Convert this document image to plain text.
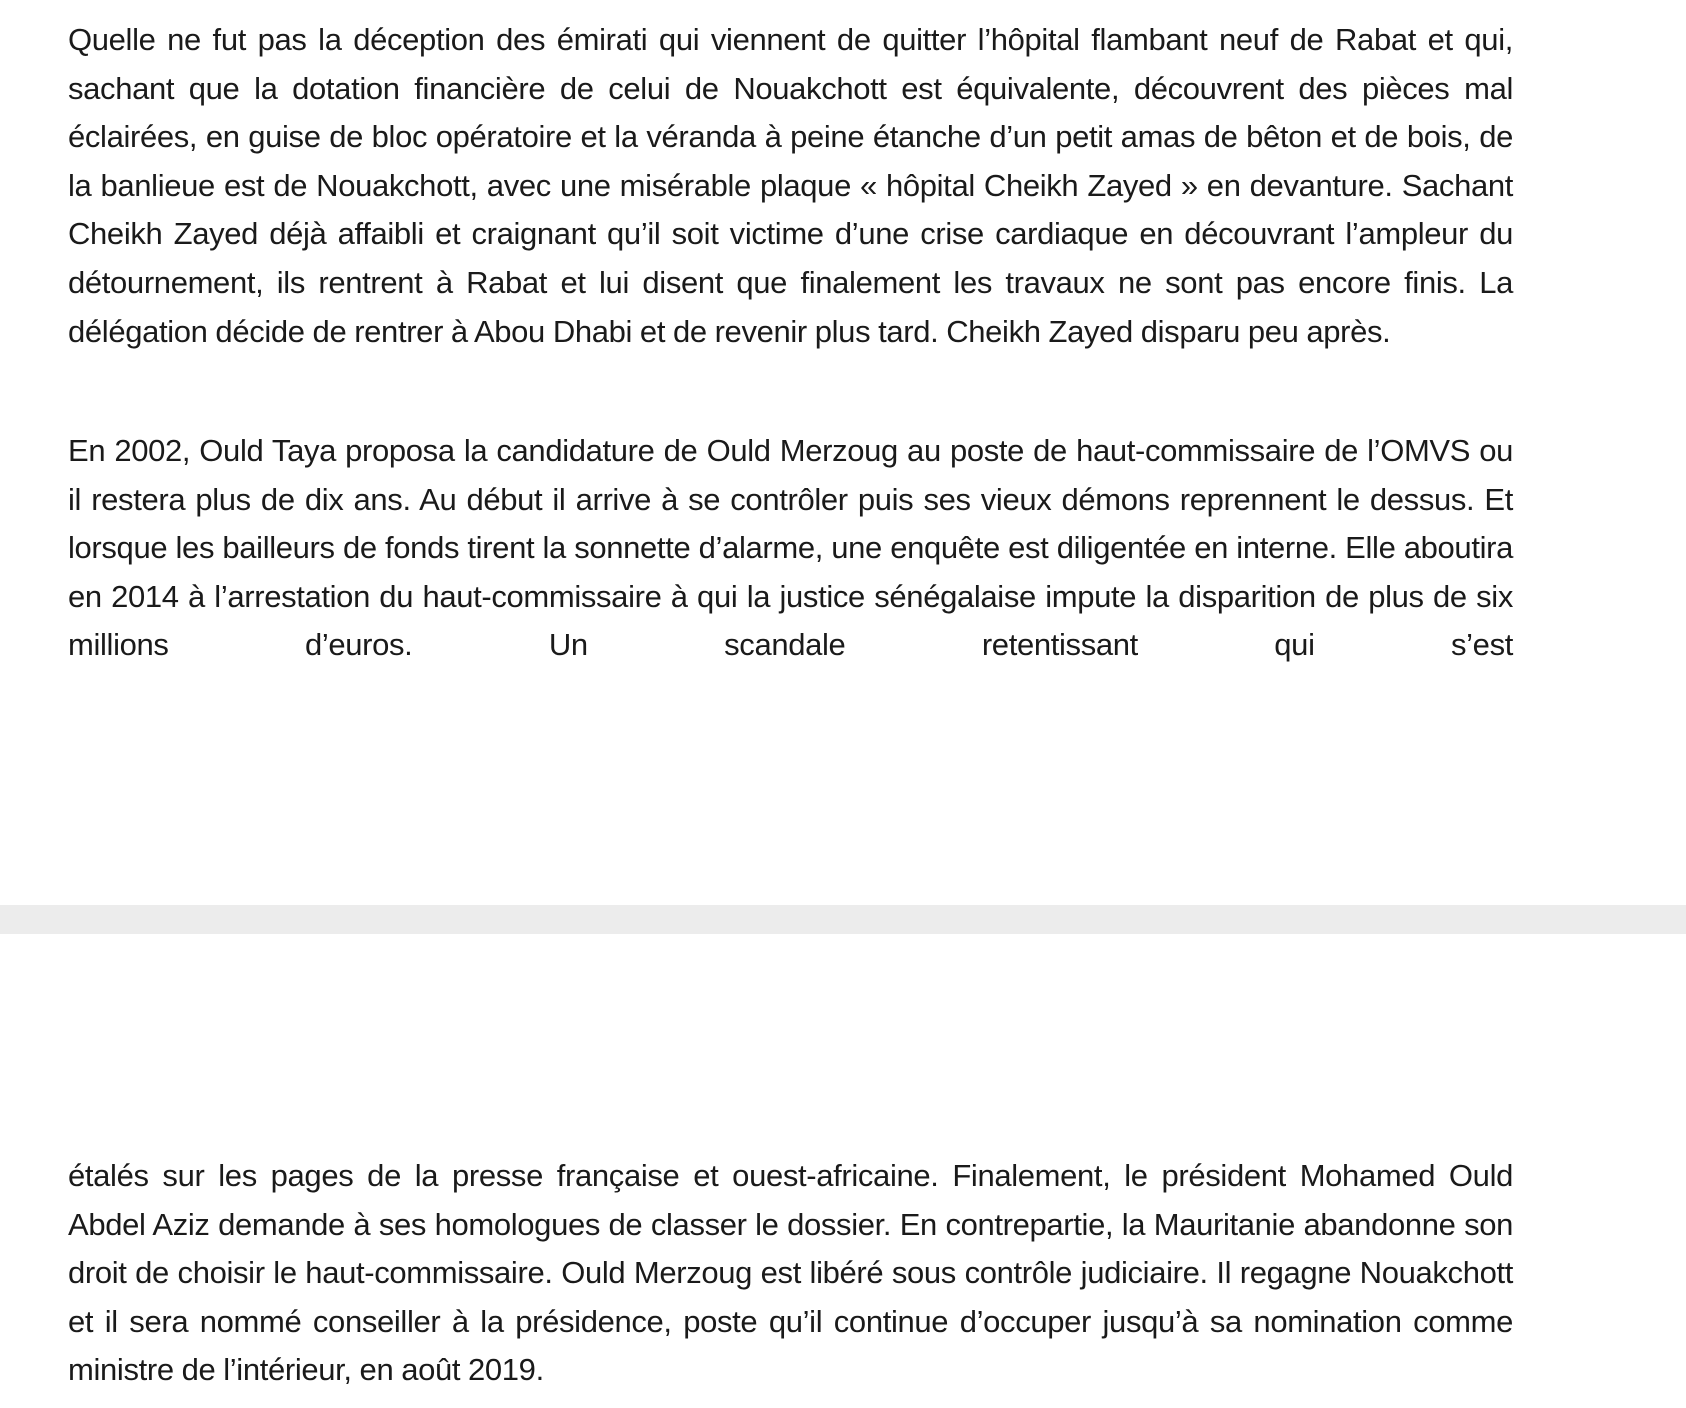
Quelle ne fut pas la déception des émirati qui viennent de quitter l’hôpital flambant neuf de Rabat et qui, sachant que la dotation financière de celui de Nouakchott est équivalente, découvrent des pièces mal éclairées, en guise de bloc opératoire et la véranda à peine étanche d’un petit amas de bêton et de bois, de la banlieue est de Nouakchott, avec une misérable plaque « hôpital Cheikh Zayed » en devanture. Sachant Cheikh Zayed déjà affaibli et craignant qu’il soit victime d’une crise cardiaque en découvrant l’ampleur du détournement, ils rentrent à Rabat et lui disent que finalement les travaux ne sont pas encore finis. La délégation décide de rentrer à Abou Dhabi et de revenir plus tard. Cheikh Zayed disparu peu après.

En 2002, Ould Taya proposa la candidature de Ould Merzoug au poste de haut-commissaire de l’OMVS ou il restera plus de dix ans. Au début il arrive à se contrôler puis ses vieux démons reprennent le dessus. Et lorsque les bailleurs de fonds tirent la sonnette d’alarme, une enquête est diligentée en interne. Elle aboutira en 2014 à l’arrestation du haut-commissaire à qui la justice sénégalaise impute la disparition de plus de six millions d’euros. Un scandale retentissant qui s’est

étalés sur les pages de la presse française et ouest-africaine. Finalement, le président Mohamed Ould Abdel Aziz demande à ses homologues de classer le dossier. En contrepartie, la Mauritanie abandonne son droit de choisir le haut-commissaire. Ould Merzoug est libéré sous contrôle judiciaire. Il regagne Nouakchott et il sera nommé conseiller à la présidence, poste qu’il continue d’occuper jusqu’à sa nomination comme ministre de l’intérieur, en août 2019.
